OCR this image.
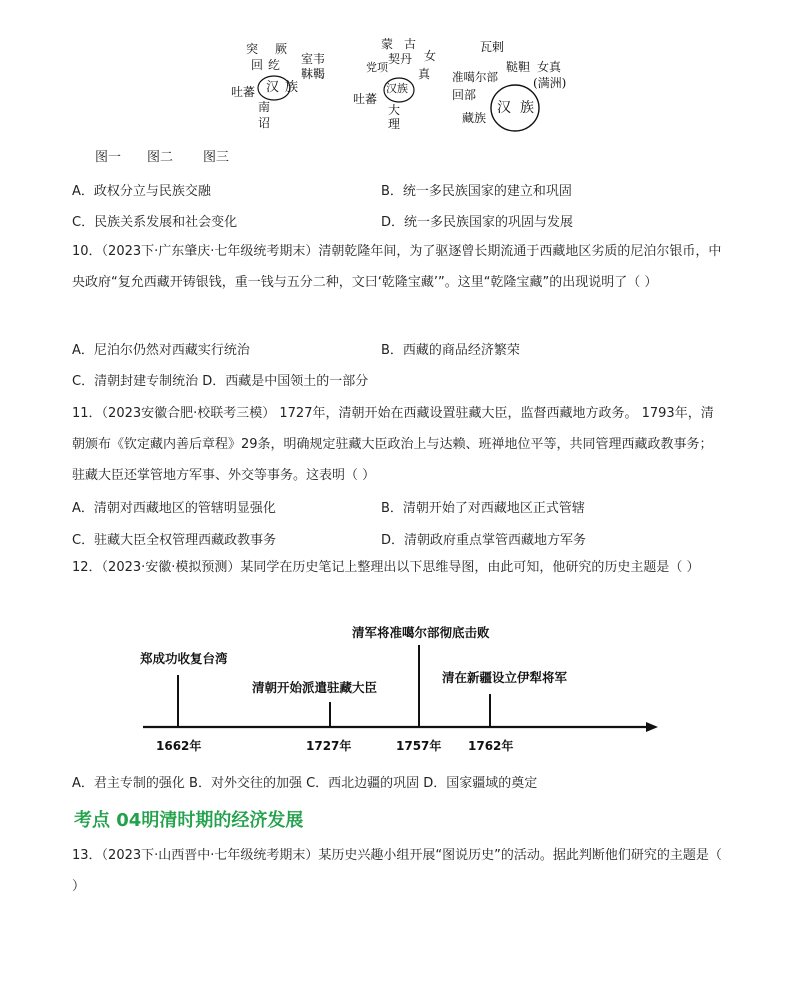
突 厥
回 纥
吐蕃 汉 族
南
诏
室韦
靺鞨
蒙 古
女
党项
契丹
汉族
真
吐蕃
大
理
瓦剌
鞑靼 女真
(满洲)
准噶尔部
回部
藏族
汉 族
图一 图二 图三
A．政权分立与民族交融	B．统一多民族国家的建立和巩固
C．民族关系发展和社会变化	D．统一多民族国家的巩固与发展
10．（2023下·广东肇庆·七年级统考期末）清朝乾隆年间，为了驱逐曾长期流通于西藏地区劣质的尼泊尔银币，中央政府“复允西藏开铸银钱，重一钱与五分二种，文曰‘乾隆宝藏’”。这里“乾隆宝藏”的出现说明了（ ）
A．尼泊尔仍然对西藏实行统治	B．西藏的商品经济繁荣
C．清朝封建专制统治 D．西藏是中国领土的一部分
11．（2023安徽合肥·校联考三模） 1727年，清朝开始在西藏设置驻藏大臣，监督西藏地方政务。 1793年，清朝颁布《钦定藏内善后章程》29条，明确规定驻藏大臣政治上与达赖、班禅地位平等，共同管理西藏政教事务；驻藏大臣还掌管地方军事、外交等事务。这表明（ ）
A．清朝对西藏地区的管辖明显强化	B．清朝开始了对西藏地区正式管辖
C．驻藏大臣全权管理西藏政教事务	D．清朝政府重点掌管西藏地方军务
12．（2023·安徽·模拟预测）某同学在历史笔记上整理出以下思维导图，由此可知，他研究的历史主题是（ ）
郑成功收复台湾
清朝开始派遣驻藏大臣
清军将准噶尔部彻底击败
清在新疆设立伊犁将军
1662年	1727年	1757年 1762年
A．君主专制的强化 B．对外交往的加强 C．西北边疆的巩固 D．国家疆域的奠定
考点 04明清时期的经济发展
13．（2023下·山西晋中·七年级统考期末）某历史兴趣小组开展“图说历史”的活动。据此判断他们研究的主题是（ ）
